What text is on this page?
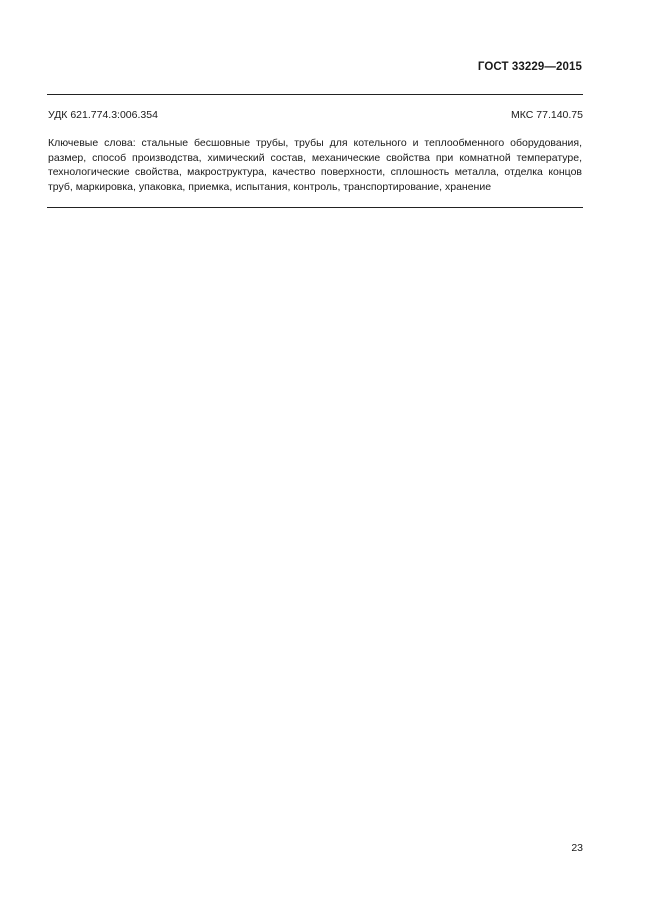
ГОСТ 33229—2015
УДК 621.774.3:006.354	МКС 77.140.75
Ключевые слова: стальные бесшовные трубы, трубы для котельного и теплообменного оборудования, размер, способ производства, химический состав, механические свойства при комнатной температуре, технологические свойства, макроструктура, качество поверхности, сплошность металла, отделка концов труб, маркировка, упаковка, приемка, испытания, контроль, транспортирование, хранение
23
